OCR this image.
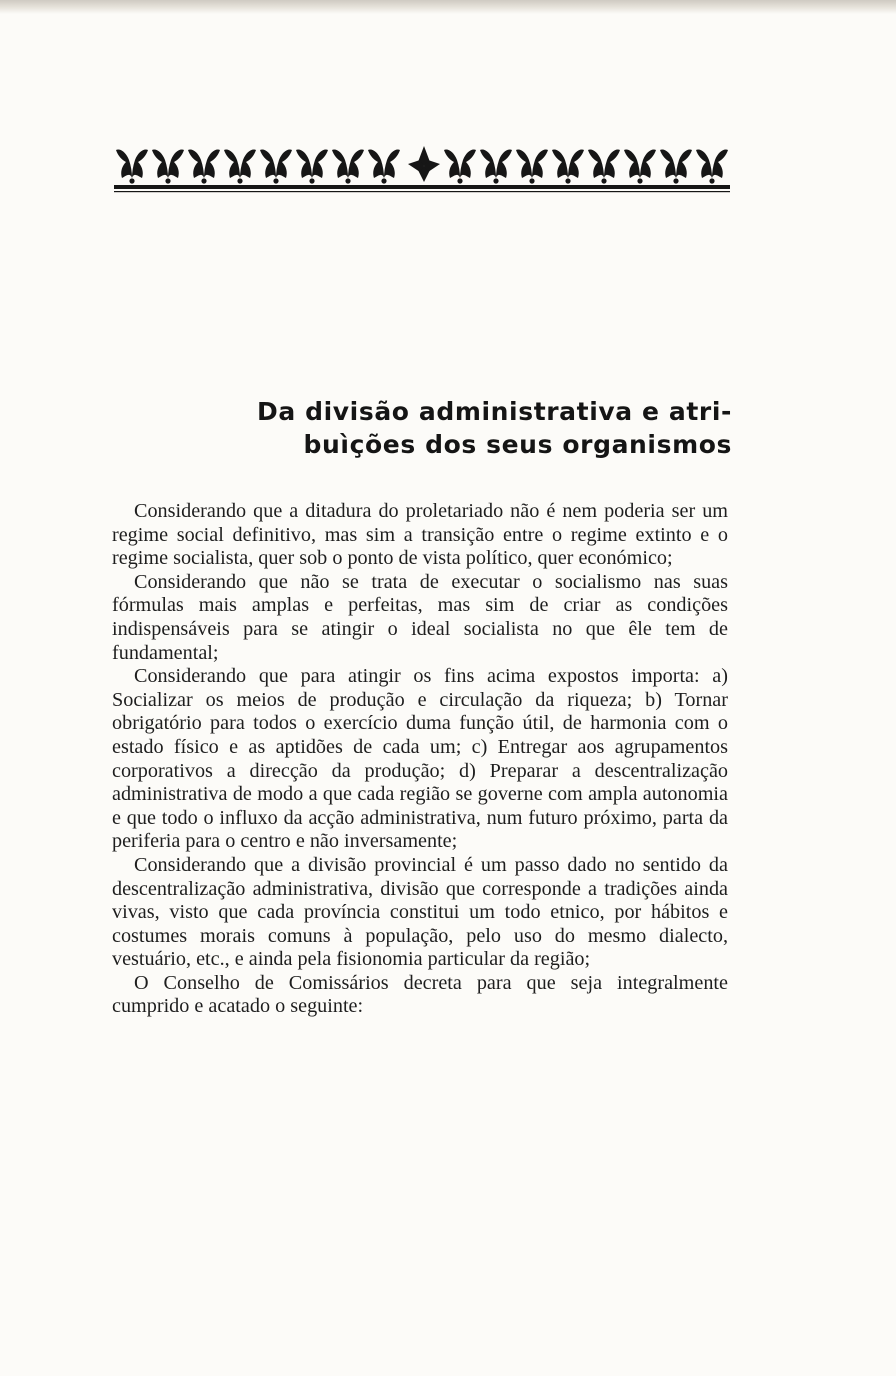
Da divisão administrativa e atri-
buìções dos seus organismos

Considerando que a ditadura do proletariado não é nem poderia ser um regime social definitivo, mas sim a transição entre o regime extinto e o regime socialista, quer sob o ponto de vista político, quer económico;

Considerando que não se trata de executar o socialismo nas suas fórmulas mais amplas e perfeitas, mas sim de criar as condições indispensáveis para se atingir o ideal socialista no que êle tem de fundamental;

Considerando que para atingir os fins acima expostos importa: a) Socializar os meios de produção e circulação da riqueza; b) Tornar obrigatório para todos o exercício duma função útil, de harmonia com o estado físico e as aptidões de cada um; c) Entregar aos agrupamentos corporativos a direcção da produção; d) Preparar a descentralização administrativa de modo a que cada região se governe com ampla autonomia e que todo o influxo da acção administrativa, num futuro próximo, parta da periferia para o centro e não inversamente;

Considerando que a divisão provincial é um passo dado no sentido da descentralização administrativa, divisão que corresponde a tradições ainda vivas, visto que cada província constitui um todo etnico, por hábitos e costumes morais comuns à população, pelo uso do mesmo dialecto, vestuário, etc., e ainda pela fisionomia particular da região;

O Conselho de Comissários decreta para que seja integralmente cumprido e acatado o seguinte:
